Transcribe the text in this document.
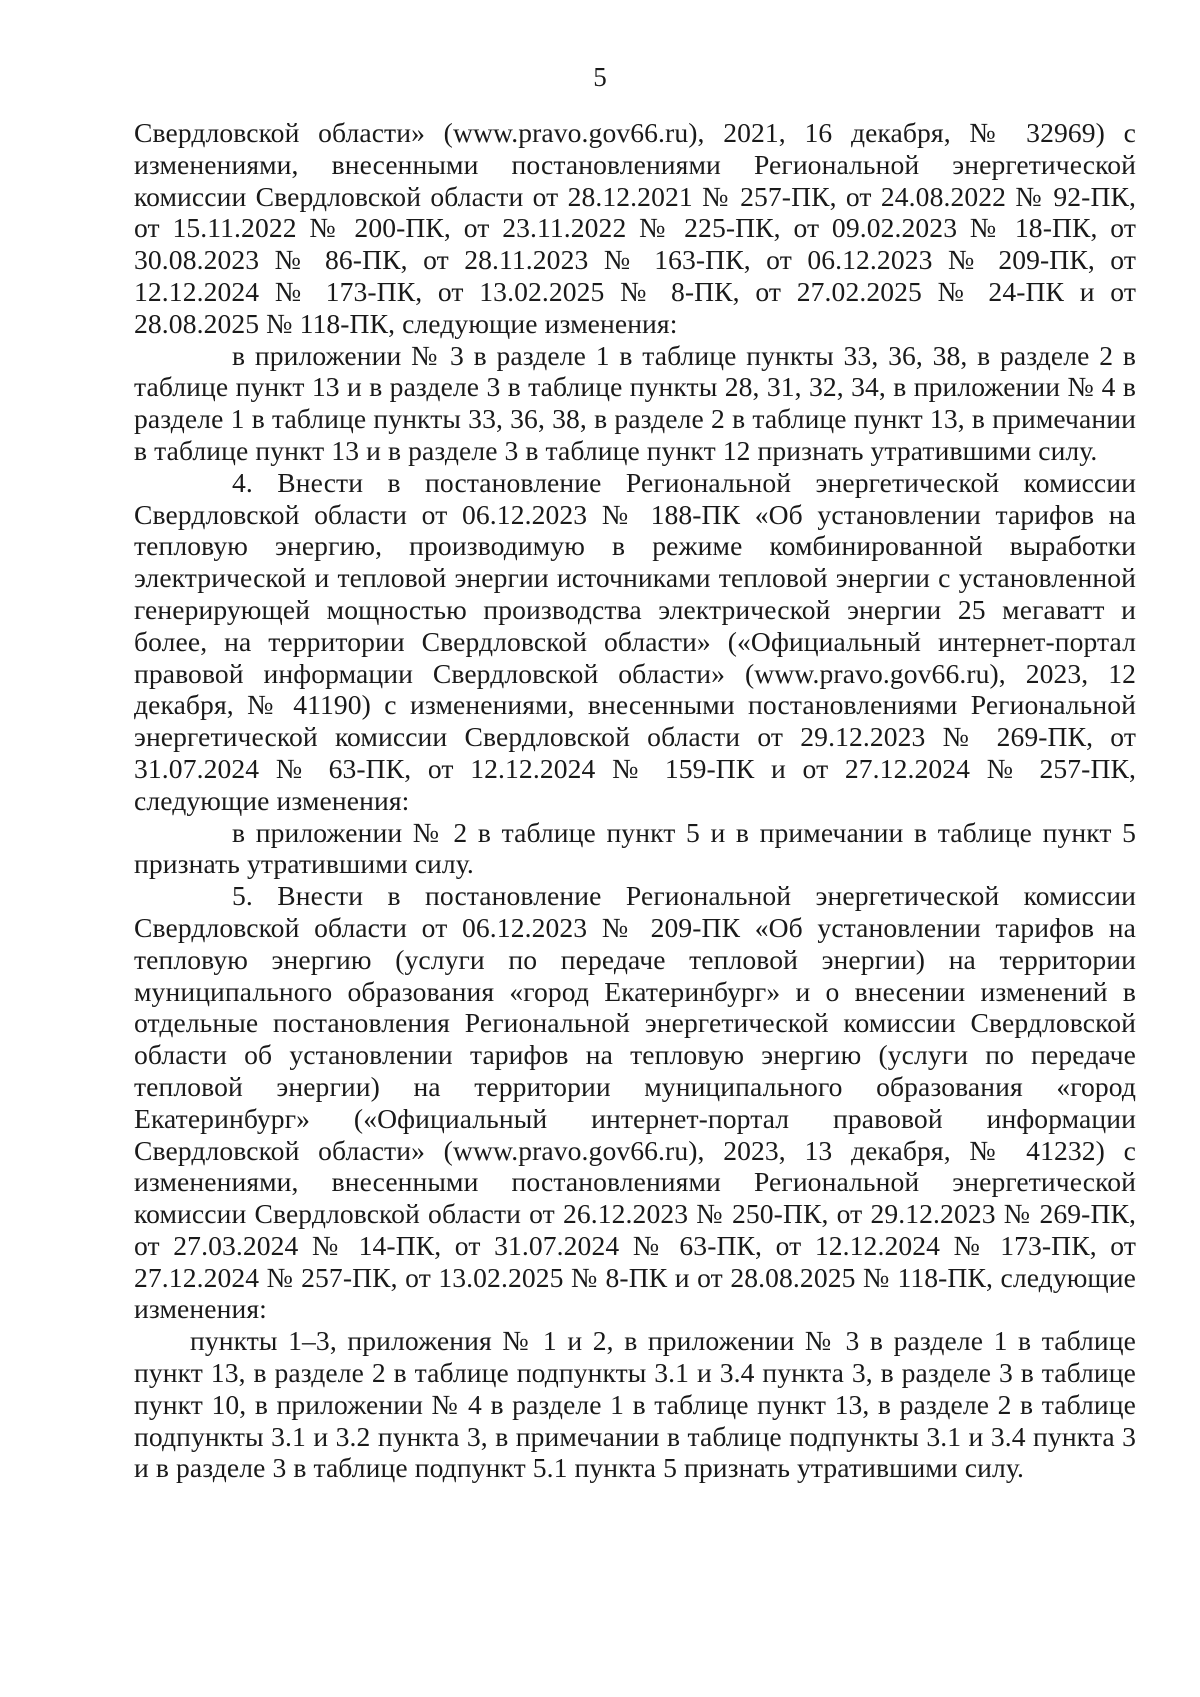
5

Свердловской области» (www.pravo.gov66.ru), 2021, 16 декабря, № 32969) с изменениями, внесенными постановлениями Региональной энергетической комиссии Свердловской области от 28.12.2021 № 257-ПК, от 24.08.2022 № 92-ПК, от 15.11.2022 № 200-ПК, от 23.11.2022 № 225-ПК, от 09.02.2023 № 18-ПК, от 30.08.2023 № 86-ПК, от 28.11.2023 № 163-ПК, от 06.12.2023 № 209-ПК, от 12.12.2024 № 173-ПК, от 13.02.2025 № 8-ПК, от 27.02.2025 № 24-ПК и от 28.08.2025 № 118-ПК, следующие изменения:

в приложении № 3 в разделе 1 в таблице пункты 33, 36, 38, в разделе 2 в таблице пункт 13 и в разделе 3 в таблице пункты 28, 31, 32, 34, в приложении № 4 в разделе 1 в таблице пункты 33, 36, 38, в разделе 2 в таблице пункт 13, в примечании в таблице пункт 13 и в разделе 3 в таблице пункт 12 признать утратившими силу.

4. Внести в постановление Региональной энергетической комиссии Свердловской области от 06.12.2023 № 188-ПК «Об установлении тарифов на тепловую энергию, производимую в режиме комбинированной выработки электрической и тепловой энергии источниками тепловой энергии с установленной генерирующей мощностью производства электрической энергии 25 мегаватт и более, на территории Свердловской области» («Официальный интернет-портал правовой информации Свердловской области» (www.pravo.gov66.ru), 2023, 12 декабря, № 41190) с изменениями, внесенными постановлениями Региональной энергетической комиссии Свердловской области от 29.12.2023 № 269-ПК, от 31.07.2024 № 63-ПК, от 12.12.2024 № 159-ПК и от 27.12.2024 № 257-ПК, следующие изменения:

в приложении № 2 в таблице пункт 5 и в примечании в таблице пункт 5 признать утратившими силу.

5. Внести в постановление Региональной энергетической комиссии Свердловской области от 06.12.2023 № 209-ПК «Об установлении тарифов на тепловую энергию (услуги по передаче тепловой энергии) на территории муниципального образования «город Екатеринбург» и о внесении изменений в отдельные постановления Региональной энергетической комиссии Свердловской области об установлении тарифов на тепловую энергию (услуги по передаче тепловой энергии) на территории муниципального образования «город Екатеринбург» («Официальный интернет-портал правовой информации Свердловской области» (www.pravo.gov66.ru), 2023, 13 декабря, № 41232) с изменениями, внесенными постановлениями Региональной энергетической комиссии Свердловской области от 26.12.2023 № 250-ПК, от 29.12.2023 № 269-ПК, от 27.03.2024 № 14-ПК, от 31.07.2024 № 63-ПК, от 12.12.2024 № 173-ПК, от 27.12.2024 № 257-ПК, от 13.02.2025 № 8-ПК и от 28.08.2025 № 118-ПК, следующие изменения:

пункты 1–3, приложения № 1 и 2, в приложении № 3 в разделе 1 в таблице пункт 13, в разделе 2 в таблице подпункты 3.1 и 3.4 пункта 3, в разделе 3 в таблице пункт 10, в приложении № 4 в разделе 1 в таблице пункт 13, в разделе 2 в таблице подпункты 3.1 и 3.2 пункта 3, в примечании в таблице подпункты 3.1 и 3.4 пункта 3 и в разделе 3 в таблице подпункт 5.1 пункта 5 признать утратившими силу.
